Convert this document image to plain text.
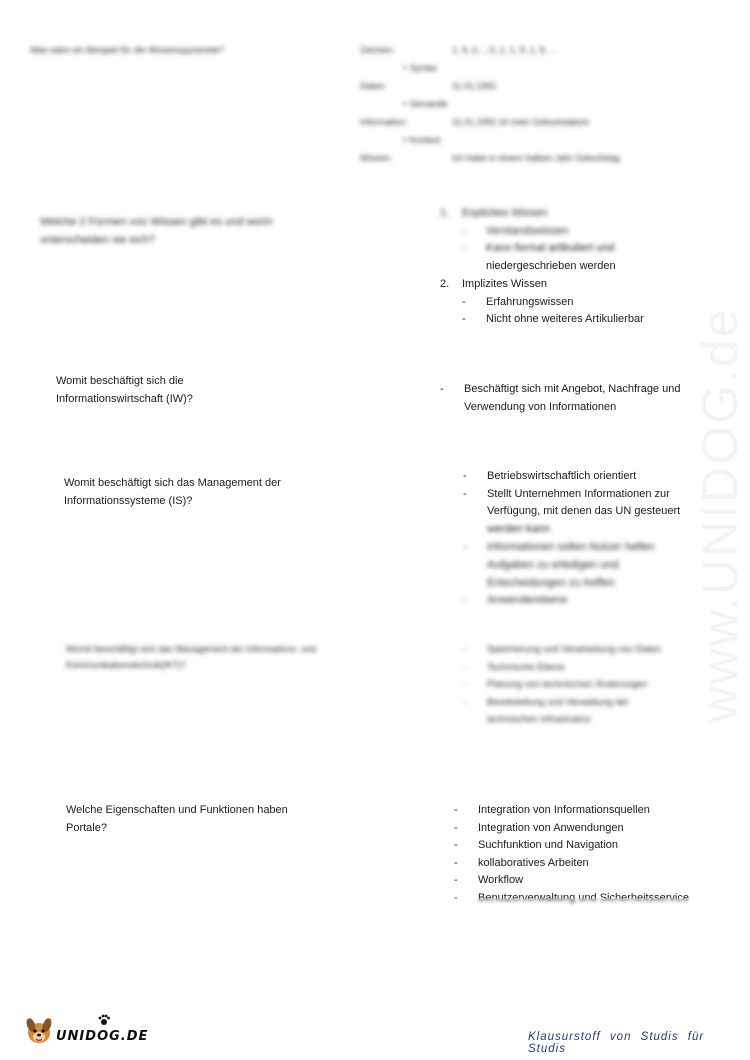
www.UNIDOG.de
Was wäre ein Beispiel für die Wissenspyramide?	Zeichen:	1, 9, 2, ., 0, 1, 1, 9, 1, 9, ...
+ Syntax
Daten:	11.01.1991
+ Semantik
Information:	11.01.1991 ist mein Geburtsdatum
+ Kontext
Wissen:	Ich habe in einem halben Jahr Geburtstag
Welche 2 Formen von Wissen gibt es und worin unterscheiden sie sich?
1. Explizites Wissen
- Verstandswissen
- Kann formal artikuliert und niedergeschrieben werden
2. Implizites Wissen
- Erfahrungswissen
- Nicht ohne weiteres Artikulierbar
Womit beschäftigt sich die Informationswirtschaft (IW)?
- Beschäftigt sich mit Angebot, Nachfrage und Verwendung von Informationen
Womit beschäftigt sich das Management der Informationssysteme (IS)?
- Betriebswirtschaftlich orientiert
- Stellt Unternehmen Informationen zur Verfügung, mit denen das UN gesteuert werden kann
- Informationen sollen Nutzer helfen Aufgaben zu erledigen und Entscheidungen zu treffen
- Anwenderebene
Womit beschäftigt sich das Management der Informations- und Kommunikationstechnik(IKT)?
- Speicherung und Verarbeitung von Daten
- Technische Ebene
- Planung von technischen Änderungen
- Bereitstellung und Verwaltung der technischen Infrastruktur
Welche Eigenschaften und Funktionen haben Portale?
- Integration von Informationsquellen
- Integration von Anwendungen
- Suchfunktion und Navigation
- kollaboratives Arbeiten
- Workflow
- Benutzerverwaltung und Sicherheitsservice
UNIDOG.DE	Klausurstoff von Studis für Studis
